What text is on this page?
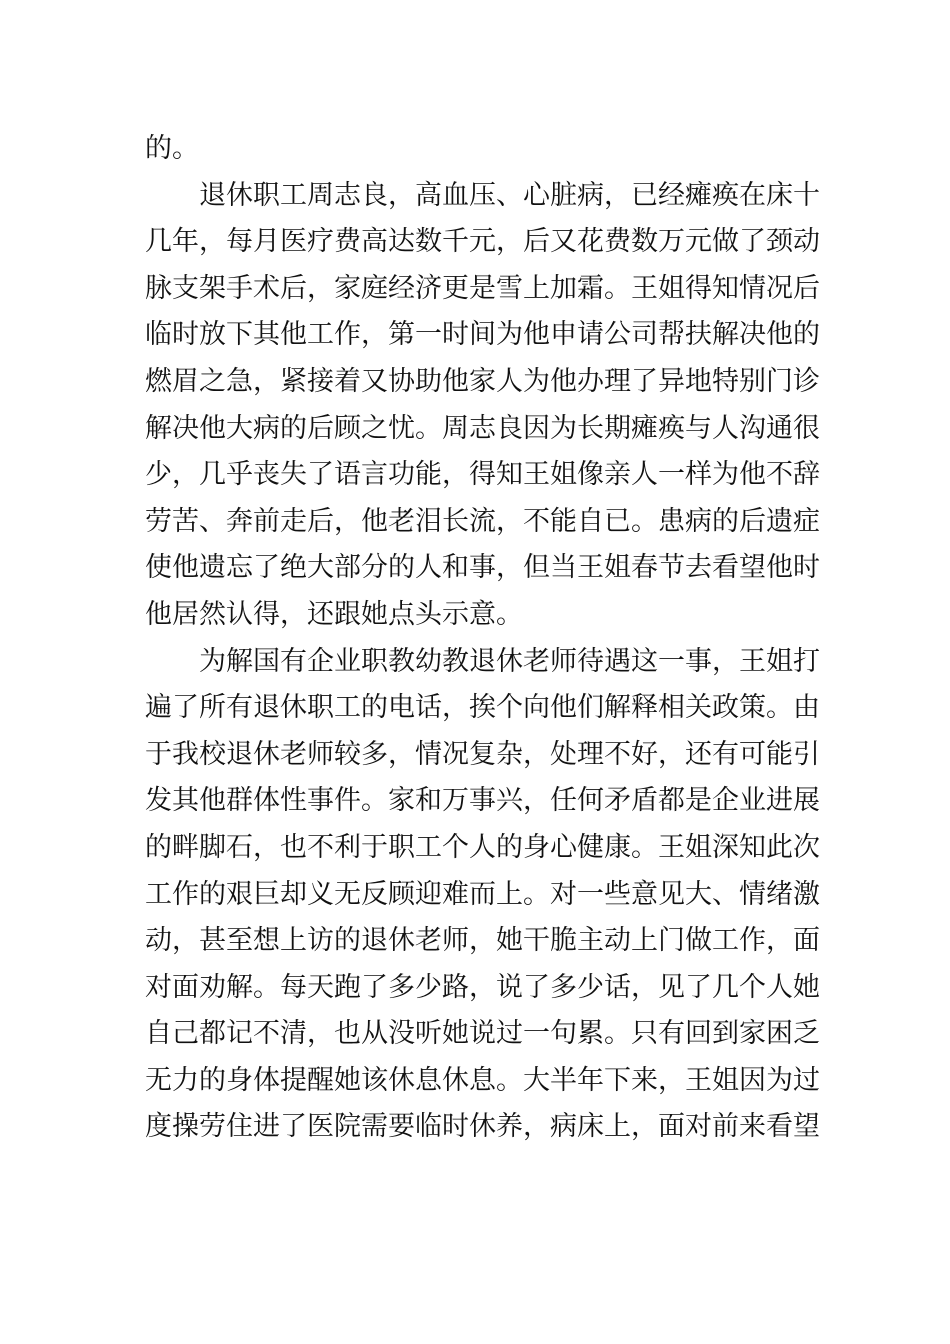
的。
退休职工周志良，高血压、心脏病，已经瘫痪在床十
几年，每月医疗费高达数千元，后又花费数万元做了颈动
脉支架手术后，家庭经济更是雪上加霜。王姐得知情况后
临时放下其他工作，第一时间为他申请公司帮扶解决他的
燃眉之急，紧接着又协助他家人为他办理了异地特别门诊
解决他大病的后顾之忧。周志良因为长期瘫痪与人沟通很
少，几乎丧失了语言功能，得知王姐像亲人一样为他不辞
劳苦、奔前走后，他老泪长流，不能自已。患病的后遗症
使他遗忘了绝大部分的人和事，但当王姐春节去看望他时
他居然认得，还跟她点头示意。
为解国有企业职教幼教退休老师待遇这一事，王姐打
遍了所有退休职工的电话，挨个向他们解释相关政策。由
于我校退休老师较多，情况复杂，处理不好，还有可能引
发其他群体性事件。家和万事兴，任何矛盾都是企业进展
的畔脚石，也不利于职工个人的身心健康。王姐深知此次
工作的艰巨却义无反顾迎难而上。对一些意见大、情绪激
动，甚至想上访的退休老师，她干脆主动上门做工作，面
对面劝解。每天跑了多少路，说了多少话，见了几个人她
自己都记不清，也从没听她说过一句累。只有回到家困乏
无力的身体提醒她该休息休息。大半年下来，王姐因为过
度操劳住进了医院需要临时休养，病床上，面对前来看望
